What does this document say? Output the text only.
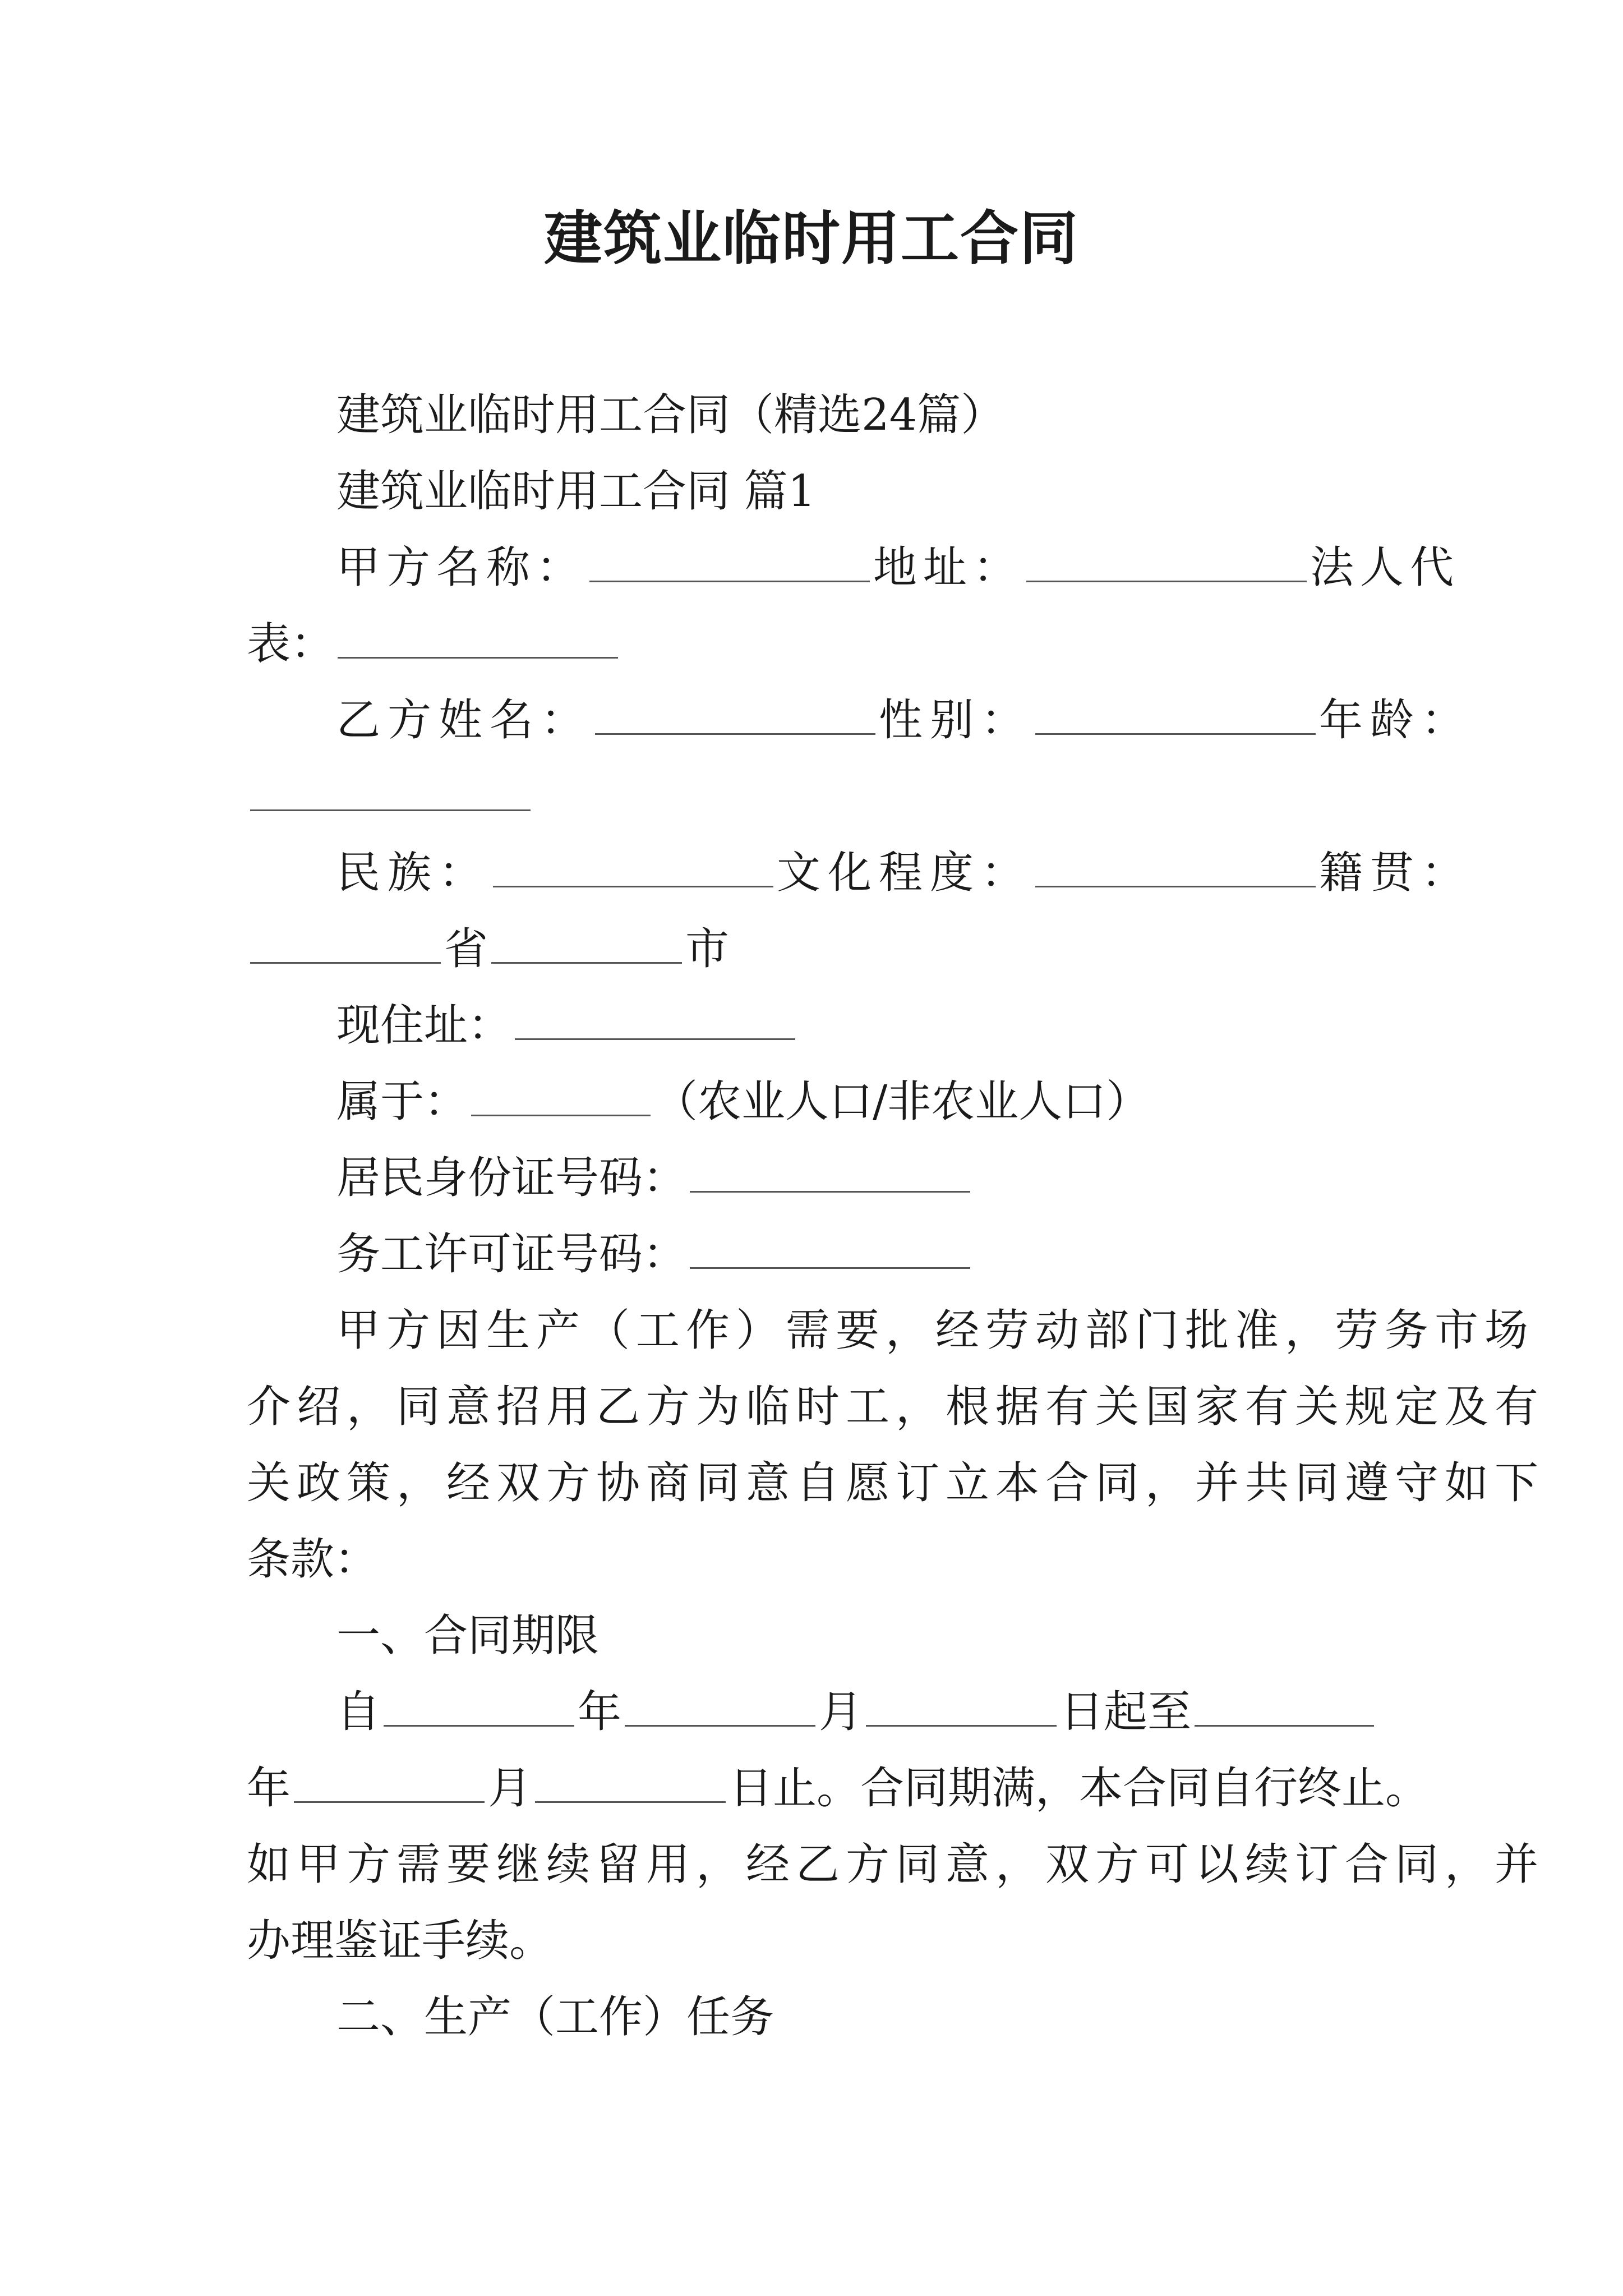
建筑业临时用工合同
建筑业临时用工合同（精选24篇）
建筑业临时用工合同 篇1
甲方名称：	地址：	法人代
表：
乙方姓名：	性别：	年龄：
民族：	文化程度：	籍贯：
省	市
现住址：
属于：	（农业人口/非农业人口）
居民身份证号码：
务工许可证号码：
甲方因生产（工作）需要，经劳动部门批准，劳务市场
介绍，同意招用乙方为临时工，根据有关国家有关规定及有
关政策，经双方协商同意自愿订立本合同，并共同遵守如下
条款：
一、合同期限
自	年	月	日起至
年	月	日止。合同期满，本合同自行终止。
如甲方需要继续留用，经乙方同意，双方可以续订合同，并
办理鉴证手续。
二、生产（工作）任务
